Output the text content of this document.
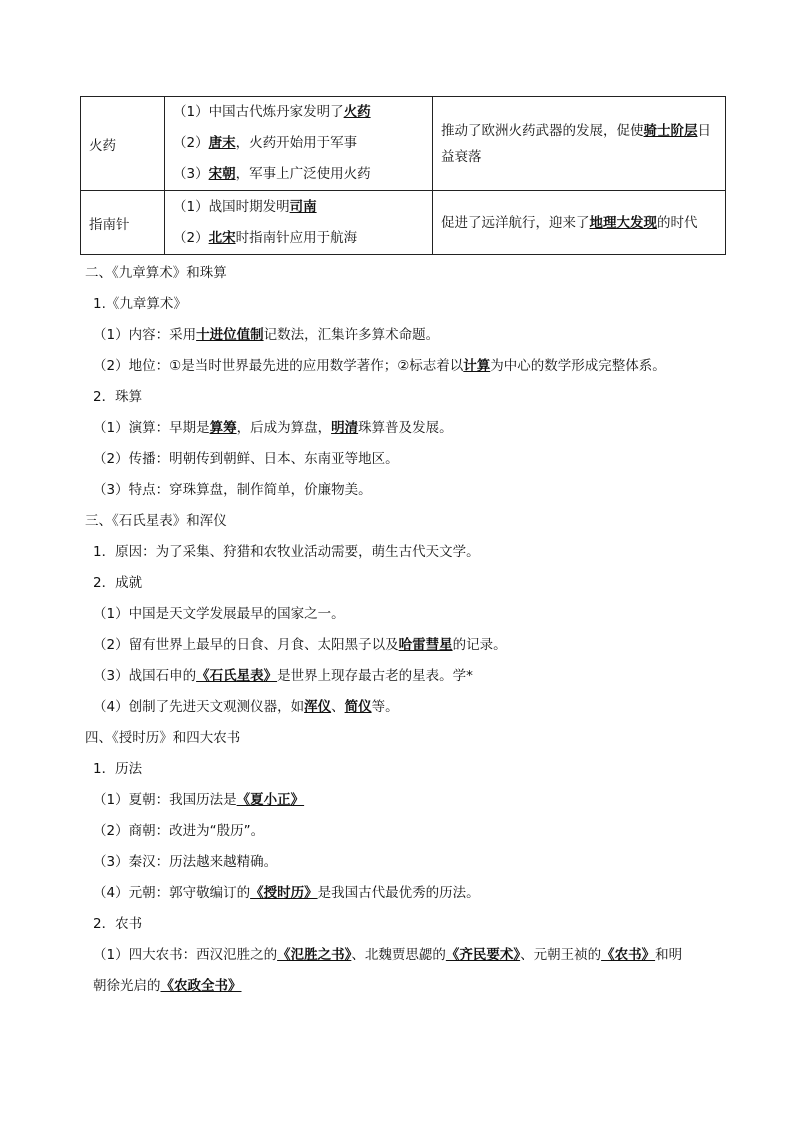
火药	（1）中国古代炼丹家发明了火药
（2）唐末，火药开始用于军事
（3）宋朝，军事上广泛使用火药	推动了欧洲火药武器的发展，促使骑士阶层日益衰落
指南针	（1）战国时期发明司南
（2）北宋时指南针应用于航海	促进了远洋航行，迎来了地理大发现的时代
二、《九章算术》和珠算
1.《九章算术》
（1）内容：采用十进位值制记数法，汇集许多算术命题。
（2）地位：①是当时世界最先进的应用数学著作；②标志着以计算为中心的数学形成完整体系。
2．珠算
（1）演算：早期是算筹，后成为算盘，明清珠算普及发展。
（2）传播：明朝传到朝鲜、日本、东南亚等地区。
（3）特点：穿珠算盘，制作简单，价廉物美。
三、《石氏星表》和浑仪
1．原因：为了采集、狩猎和农牧业活动需要，萌生古代天文学。
2．成就
（1）中国是天文学发展最早的国家之一。
（2）留有世界上最早的日食、月食、太阳黑子以及哈雷彗星的记录。
（3）战国石申的《石氏星表》是世界上现存最古老的星表。学*
（4）创制了先进天文观测仪器，如浑仪、简仪等。
四、《授时历》和四大农书
1．历法
（1）夏朝：我国历法是《夏小正》
（2）商朝：改进为“殷历”。
（3）秦汉：历法越来越精确。
（4）元朝：郭守敬编订的《授时历》是我国古代最优秀的历法。
2．农书
（1）四大农书：西汉氾胜之的《氾胜之书》、北魏贾思勰的《齐民要术》、元朝王祯的《农书》和明
朝徐光启的《农政全书》
